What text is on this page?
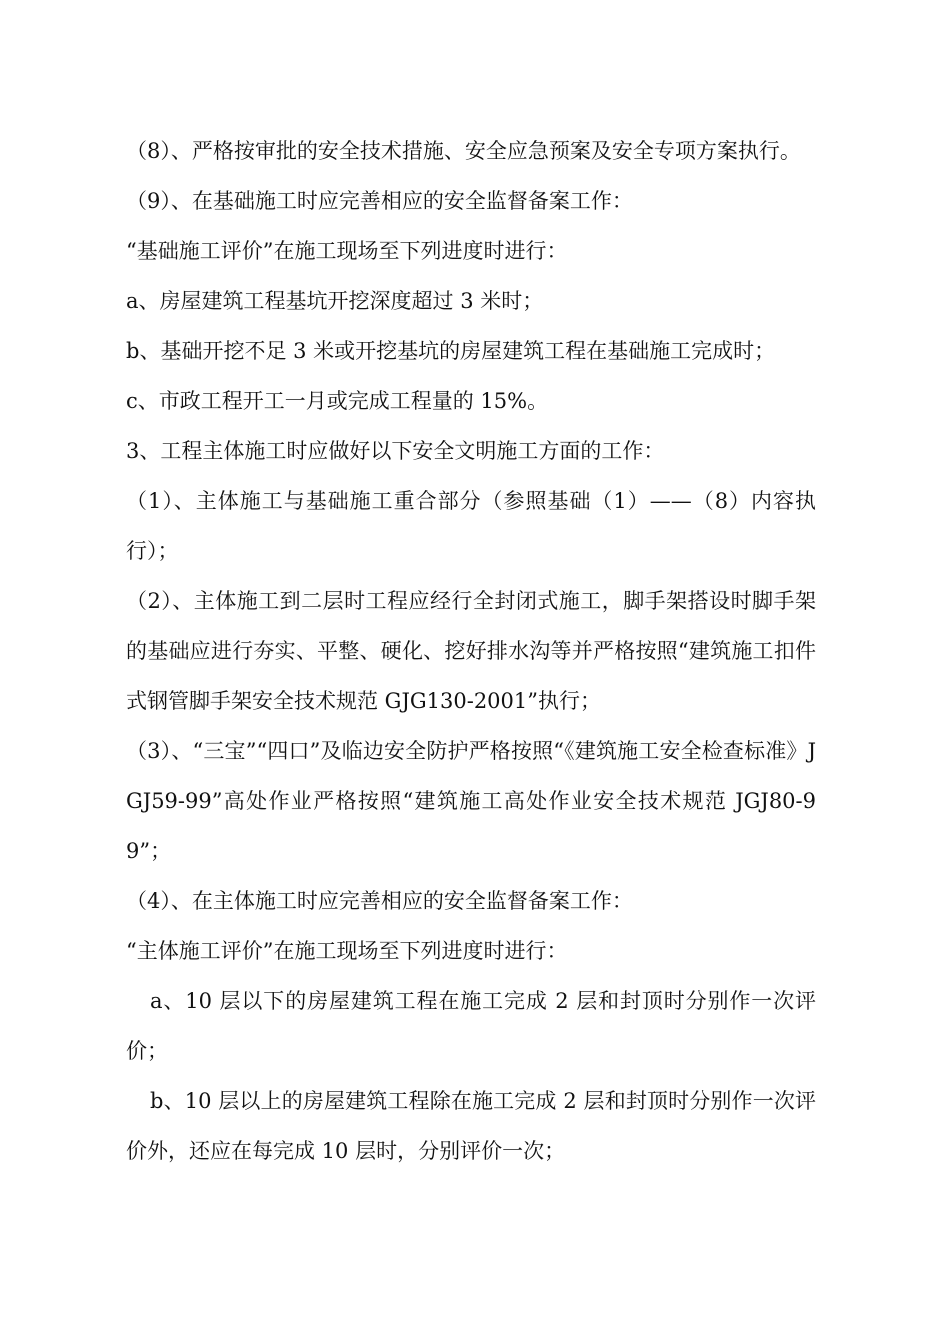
（8）、严格按审批的安全技术措施、安全应急预案及安全专项方案执行。

（9）、在基础施工时应完善相应的安全监督备案工作：

“基础施工评价”在施工现场至下列进度时进行：

a、房屋建筑工程基坑开挖深度超过 3 米时；

b、基础开挖不足 3 米或开挖基坑的房屋建筑工程在基础施工完成时；

c、市政工程开工一月或完成工程量的 15%。

3、工程主体施工时应做好以下安全文明施工方面的工作：

（1）、主体施工与基础施工重合部分（参照基础（1）——（8）内容执行）；

（2）、主体施工到二层时工程应经行全封闭式施工，脚手架搭设时脚手架的基础应进行夯实、平整、硬化、挖好排水沟等并严格按照“建筑施工扣件式钢管脚手架安全技术规范 GJG130-2001”执行；

（3）、“三宝”“四口”及临边安全防护严格按照“《建筑施工安全检查标准》JGJ59-99”高处作业严格按照“建筑施工高处作业安全技术规范 JGJ80-99”；

（4）、在主体施工时应完善相应的安全监督备案工作：

“主体施工评价”在施工现场至下列进度时进行：

a、10 层以下的房屋建筑工程在施工完成 2 层和封顶时分别作一次评价；

b、10 层以上的房屋建筑工程除在施工完成 2 层和封顶时分别作一次评价外，还应在每完成 10 层时，分别评价一次；
